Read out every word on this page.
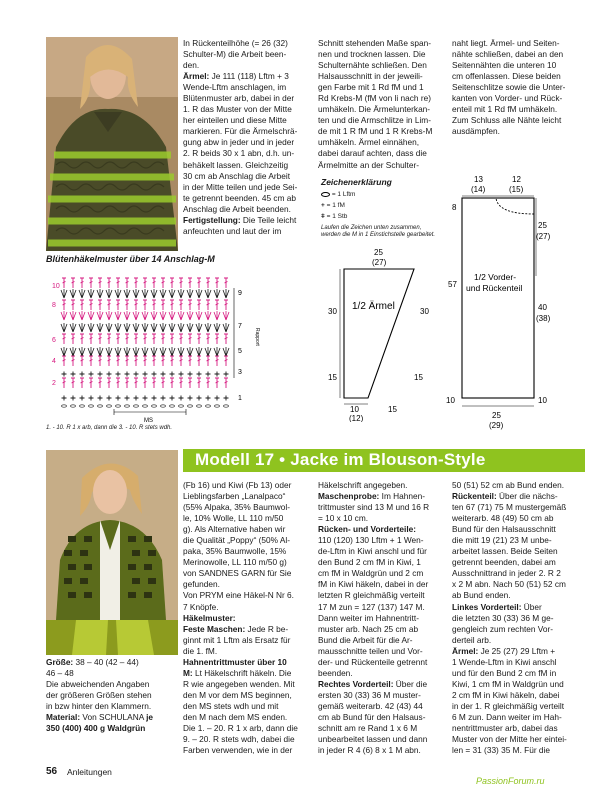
In Rückenteilhöhe (= 26 (32)

Schulter-M) die Arbeit been-

den.

Ärmel: Je 111 (118) Lftm + 3

Wende-Lftm anschlagen, im

Blütenmuster arb, dabei in der

1. R das Muster von der Mitte

her einteilen und diese Mitte

markieren. Für die Ärmelschrä-

gung abw in jeder und in jeder

2. R beids 30 x 1 abn, d.h. un-

behäkelt lassen. Gleichzeitig

30 cm ab Anschlag die Arbeit

in der Mitte teilen und jede Sei-

te getrennt beenden. 45 cm ab

Anschlag die Arbeit beenden.

Fertigstellung: Die Teile leicht

anfeuchten und laut der im

Schnitt stehenden Maße span-

nen und trocknen lassen. Die

Schulternähte schließen. Den

Halsausschnitt in der jeweili-

gen Farbe mit 1 Rd fM und 1

Rd Krebs-M (fM von li nach re)

umhäkeln. Die Ärmelunterkan-

ten und die Armschlitze in Lim-

de mit 1 R fM und 1 R Krebs-M

umhäkeln. Ärmel einnähen,

dabei darauf achten, dass die

Ärmelmitte an der Schulter-

naht liegt. Ärmel- und Seiten-

nähte schließen, dabei an den

Seitennähten die unteren 10

cm offenlassen. Diese beiden

Seitenschlitze sowie die Unter-

kanten von Vorder- und Rück-

enteil mit 1 Rd fM umhäkeln.

Zum Schluss alle Nähte leicht

ausdämpfen.

Zeichenerklärung
= 1 Lftm
+ = 1 fM
ǂ = 1 Stb
Laufen die Zeichen unten zusammen,
werden die M in 1 Einstichstelle gearbeitet.
Blütenhäkelmuster über 14 Anschlag-M
10
8
6
4
2
9
7
5
3
1
Rapport
MS
1. - 10. R 1 x arb, dann die 3. - 10. R stets wdh.
25
(27)
1/2 Ärmel
30	30
15	15
10
(12)
15
13
(14)
12
(15)
8
25
(27)
57
1/2 Vorder-
und Rückenteil
40
(38)
10	10
25
(29)
Modell 17 • Jacke im Blouson-Style

Größe: 38 – 40 (42 – 44)

46 – 48

Die abweichenden Angaben

der größeren Größen stehen

in bzw hinter den Klammern.

Material: Von SCHULANA je

350 (400) 400 g Waldgrün

(Fb 16) und Kiwi (Fb 13) oder

Lieblingsfarben „Lanalpaco“

(55% Alpaka, 35% Baumwol-

le, 10% Wolle, LL 110 m/50

g). Als Alternative haben wir

die Qualität „Poppy“ (50% Al-

paka, 35% Baumwolle, 15%

Merinowolle, LL 110 m/50 g)

von SANDNES GARN für Sie

gefunden.

Von PRYM eine Häkel-N Nr 6.

7 Knöpfe.

Häkelmuster:

Feste Maschen: Jede R be-

ginnt mit 1 Lftm als Ersatz für

die 1. fM.

Hahnentrittmuster über 10

M: Lt Häkelschrift häkeln. Die

R wie angegeben wenden. Mit

den M vor dem MS beginnen,

den MS stets wdh und mit

den M nach dem MS enden.

Die 1. – 20. R 1 x arb, dann die

9. – 20. R stets wdh, dabei die

Farben verwenden, wie in der

Häkelschrift angegeben.

Maschenprobe: Im Hahnen-

trittmuster sind 13 M und 16 R

= 10 x 10 cm.

Rücken- und Vorderteile:

110 (120) 130 Lftm + 1 Wen-

de-Lftm in Kiwi anschl und für

den Bund 2 cm fM in Kiwi, 1

cm fM in Waldgrün und 2 cm

fM in Kiwi häkeln, dabei in der

letzten R gleichmäßig verteilt

17 M zun = 127 (137) 147 M.

Dann weiter im Hahnentritt-

muster arb. Nach 25 cm ab

Bund die Arbeit für die Ar-

mausschnitte teilen und Vor-

der- und Rückenteile getrennt

beenden.

Rechtes Vorderteil: Über die

ersten 30 (33) 36 M muster-

gemäß weiterarb. 42 (43) 44

cm ab Bund für den Halsaus-

schnitt am re Rand 1 x 6 M

unbearbeitet lassen und dann

in jeder R 4 (6) 8 x 1 M abn.

50 (51) 52 cm ab Bund enden.

Rückenteil: Über die nächs-

ten 67 (71) 75 M mustergemäß

weiterarb. 48 (49) 50 cm ab

Bund für den Halsausschnitt

die mitt 19 (21) 23 M unbe-

arbeitet lassen. Beide Seiten

getrennt beenden, dabei am

Ausschnittrand in jeder 2. R 2

x 2 M abn. Nach 50 (51) 52 cm

ab Bund enden.

Linkes Vorderteil: Über

die letzten 30 (33) 36 M ge-

gengleich zum rechten Vor-

derteil arb.

Ärmel: Je 25 (27) 29 Lftm +

1 Wende-Lftm in Kiwi anschl

und für den Bund 2 cm fM in

Kiwi, 1 cm fM in Waldgrün und

2 cm fM in Kiwi häkeln, dabei

in der 1. R gleichmäßig verteilt

6 M zun. Dann weiter im Hah-

nentrittmuster arb, dabei das

Muster von der Mitte her eintei-

len = 31 (33) 35 M. Für die

56 Anleitungen
PassionForum.ru
